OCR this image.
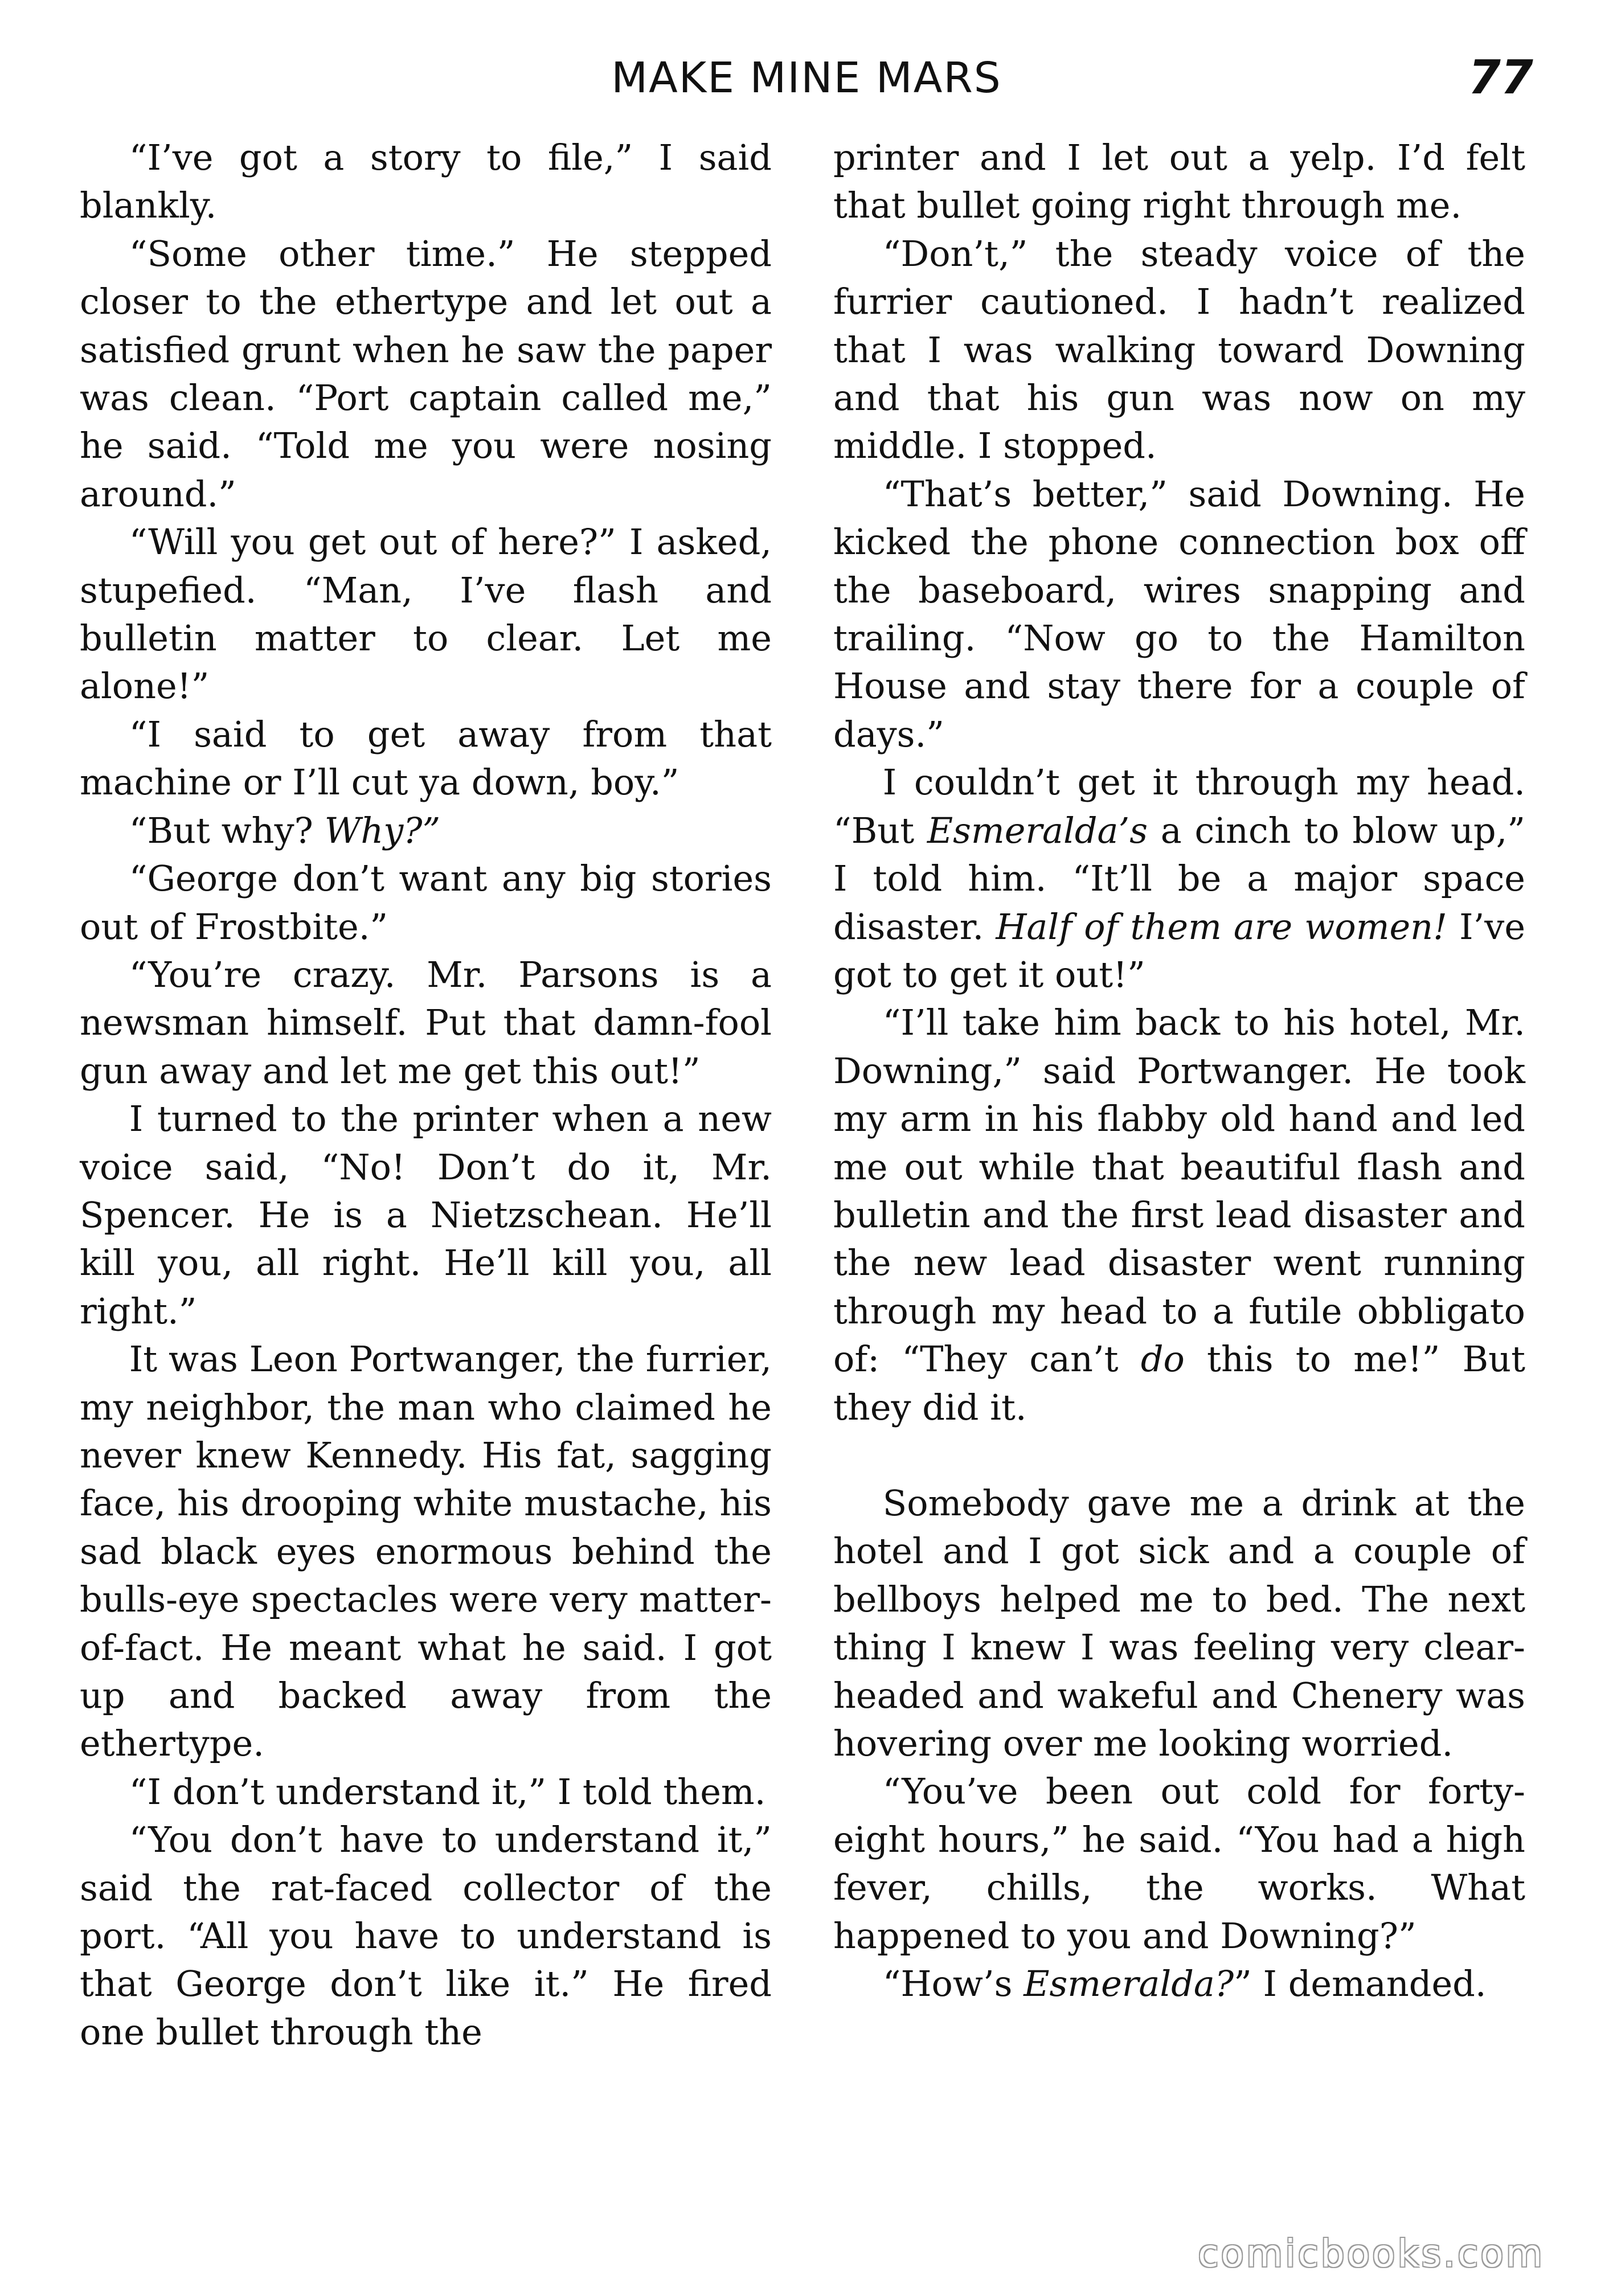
MAKE MINE MARS	77

“I’ve got a story to file,” I said blankly.

“Some other time.” He stepped closer to the ethertype and let out a satisfied grunt when he saw the paper was clean. “Port captain called me,” he said. “Told me you were nosing around.”

“Will you get out of here?” I asked, stupefied. “Man, I’ve flash and bulletin matter to clear. Let me alone!”

“I said to get away from that machine or I’ll cut ya down, boy.”

“But why? Why?”

“George don’t want any big stories out of Frostbite.”

“You’re crazy. Mr. Parsons is a newsman himself. Put that damn-fool gun away and let me get this out!”

I turned to the printer when a new voice said, “No! Don’t do it, Mr. Spencer. He is a Nietzschean. He’ll kill you, all right. He’ll kill you, all right.”

It was Leon Portwanger, the furrier, my neighbor, the man who claimed he never knew Kennedy. His fat, sagging face, his drooping white mustache, his sad black eyes enormous behind the bulls-eye spectacles were very matter-of-fact. He meant what he said. I got up and backed away from the ethertype.

“I don’t understand it,” I told them.

“You don’t have to understand it,” said the rat-faced collector of the port. “All you have to understand is that George don’t like it.” He fired one bullet through the

printer and I let out a yelp. I’d felt that bullet going right through me.

“Don’t,” the steady voice of the furrier cautioned. I hadn’t realized that I was walking toward Downing and that his gun was now on my middle. I stopped.

“That’s better,” said Downing. He kicked the phone connection box off the baseboard, wires snapping and trailing. “Now go to the Hamilton House and stay there for a couple of days.”

I couldn’t get it through my head. “But Esmeralda’s a cinch to blow up,” I told him. “It’ll be a major space disaster. Half of them are women! I’ve got to get it out!”

“I’ll take him back to his hotel, Mr. Downing,” said Portwanger. He took my arm in his flabby old hand and led me out while that beautiful flash and bulletin and the first lead disaster and the new lead disaster went running through my head to a futile obbligato of: “They can’t do this to me!” But they did it.

Somebody gave me a drink at the hotel and I got sick and a couple of bellboys helped me to bed. The next thing I knew I was feeling very clear-headed and wakeful and Chenery was hovering over me looking worried.

“You’ve been out cold for forty-eight hours,” he said. “You had a high fever, chills, the works. What happened to you and Downing?”

“How’s Esmeralda?” I demanded.

comicbooks.com
